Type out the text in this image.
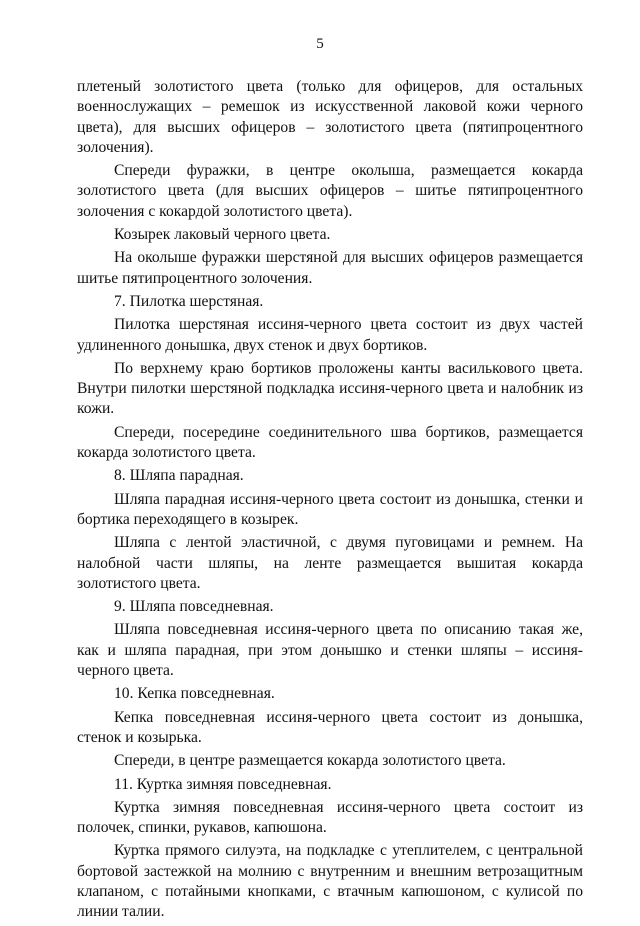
5

плетеный золотистого цвета (только для офицеров, для остальных военнослужащих – ремешок из искусственной лаковой кожи черного цвета), для высших офицеров – золотистого цвета (пятипроцентного золочения).

Спереди фуражки, в центре околыша, размещается кокарда золотистого цвета (для высших офицеров – шитье пятипроцентного золочения с кокардой золотистого цвета).

Козырек лаковый черного цвета.

На околыше фуражки шерстяной для высших офицеров размещается шитье пятипроцентного золочения.

7. Пилотка шерстяная.

Пилотка шерстяная иссиня-черного цвета состоит из двух частей удлиненного донышка, двух стенок и двух бортиков.

По верхнему краю бортиков проложены канты василькового цвета. Внутри пилотки шерстяной подкладка иссиня-черного цвета и налобник из кожи.

Спереди, посередине соединительного шва бортиков, размещается кокарда золотистого цвета.

8. Шляпа парадная.

Шляпа парадная иссиня-черного цвета состоит из донышка, стенки и бортика переходящего в козырек.

Шляпа с лентой эластичной, с двумя пуговицами и ремнем. На налобной части шляпы, на ленте размещается вышитая кокарда золотистого цвета.

9. Шляпа повседневная.

Шляпа повседневная иссиня-черного цвета по описанию такая же, как и шляпа парадная, при этом донышко и стенки шляпы – иссиня-черного цвета.

10. Кепка повседневная.

Кепка повседневная иссиня-черного цвета состоит из донышка, стенок и козырька.

Спереди, в центре размещается кокарда золотистого цвета.

11. Куртка зимняя повседневная.

Куртка зимняя повседневная иссиня-черного цвета состоит из полочек, спинки, рукавов, капюшона.

Куртка прямого силуэта, на подкладке с утеплителем, с центральной бортовой застежкой на молнию с внутренним и внешним ветрозащитным клапаном, с потайными кнопками, с втачным капюшоном, с кулисой по линии талии.
